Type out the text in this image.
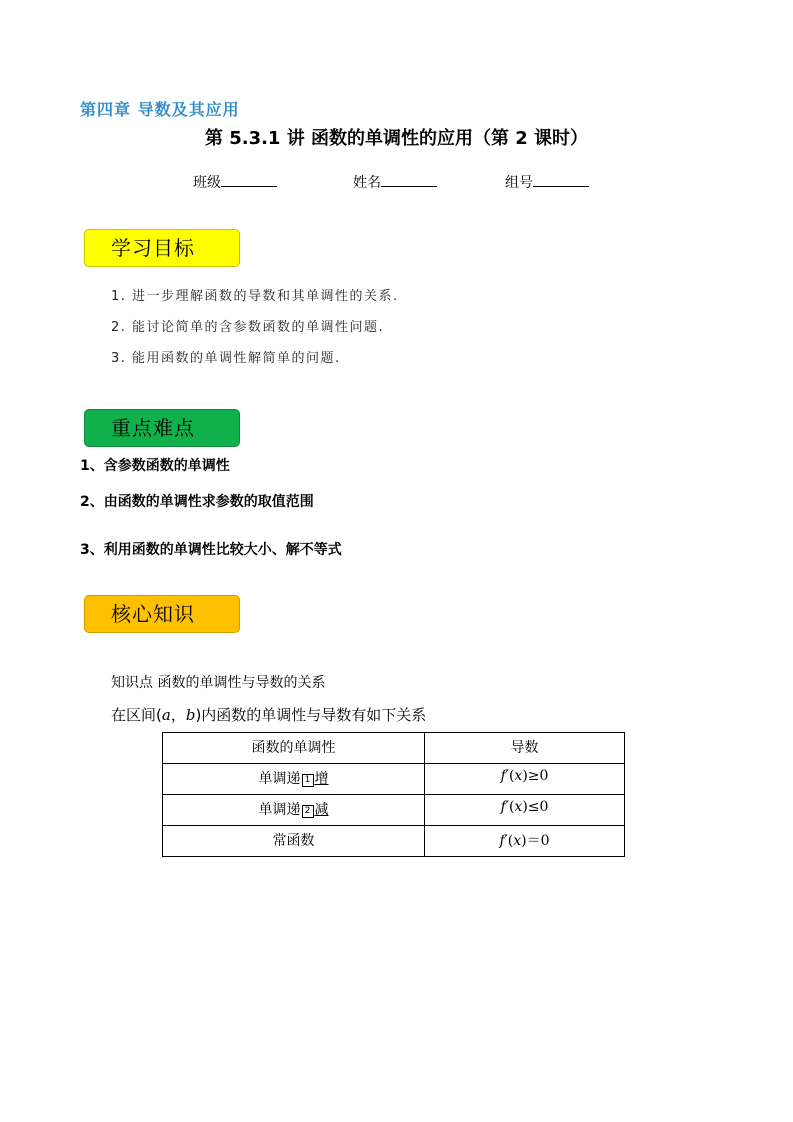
第四章 导数及其应用
第 5.3.1 讲 函数的单调性的应用（第 2 课时）
班级	姓名	组号
学习目标
1. 进一步理解函数的导数和其单调性的关系.
2. 能讨论简单的含参数函数的单调性问题.
3. 能用函数的单调性解简单的问题.
重点难点
1、含参数函数的单调性
2、由函数的单调性求参数的取值范围
3、利用函数的单调性比较大小、解不等式
核心知识
知识点 函数的单调性与导数的关系
在区间(a，b)内函数的单调性与导数有如下关系
函数的单调性	导数
单调递 1 增	f′(x)≥0
单调递 2 减	f′(x)≤0
常函数	f′(x)＝0
